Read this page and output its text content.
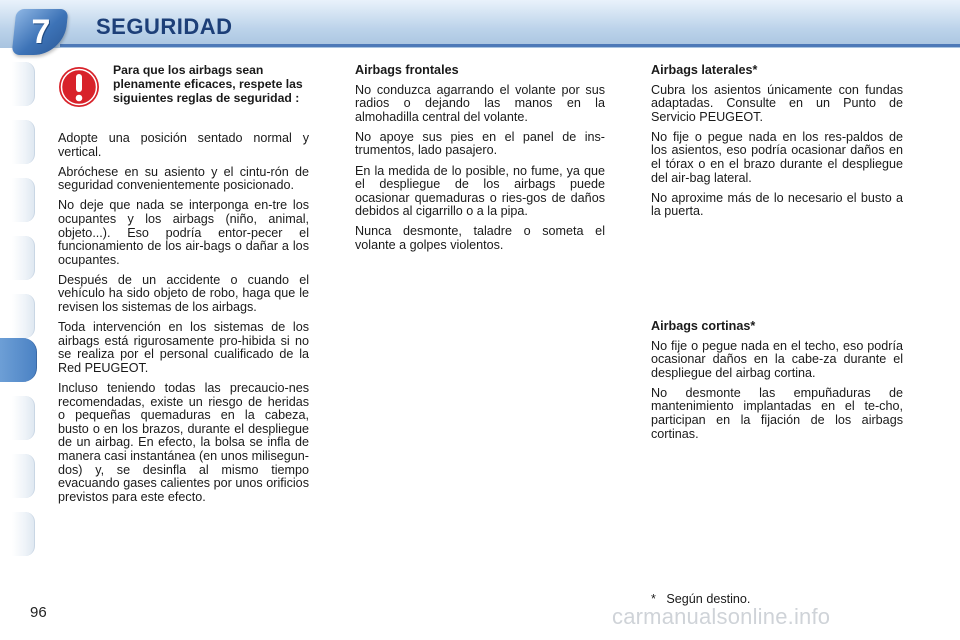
7	SEGURIDAD
Para que los airbags sean plenamente eficaces, respete las siguientes reglas de seguridad :

Adopte una posición sentado normal y vertical.

Abróchese en su asiento y el cintu-rón de seguridad convenientemente posicionado.

No deje que nada se interponga en-tre los ocupantes y los airbags (niño, animal, objeto...). Eso podría entor-pecer el funcionamiento de los air-bags o dañar a los ocupantes.

Después de un accidente o cuando el vehículo ha sido objeto de robo, haga que le revisen los sistemas de los airbags.

Toda intervención en los sistemas de los airbags está rigurosamente pro-hibida si no se realiza por el personal cualificado de la Red PEUGEOT.

Incluso teniendo todas las precaucio-nes recomendadas, existe un riesgo de heridas o pequeñas quemaduras en la cabeza, busto o en los brazos, durante el despliegue de un airbag. En efecto, la bolsa se infla de manera casi instantánea (en unos milisegun-dos) y, se desinfla al mismo tiempo evacuando gases calientes por unos orificios previstos para este efecto.

Airbags frontales

No conduzca agarrando el volante por sus radios o dejando las manos en la almohadilla central del volante.

No apoye sus pies en el panel de ins-trumentos, lado pasajero.

En la medida de lo posible, no fume, ya que el despliegue de los airbags puede ocasionar quemaduras o ries-gos de daños debidos al cigarrillo o a la pipa.

Nunca desmonte, taladre o someta el volante a golpes violentos.

Airbags laterales*

Cubra los asientos únicamente con fundas adaptadas. Consulte en un Punto de Servicio PEUGEOT.

No fije o pegue nada en los res-paldos de los asientos, eso podría ocasionar daños en el tórax o en el brazo durante el despliegue del air-bag lateral.

No aproxime más de lo necesario el busto a la puerta.

Airbags cortinas*

No fije o pegue nada en el techo, eso podría ocasionar daños en la cabe-za durante el despliegue del airbag cortina.

No desmonte las empuñaduras de mantenimiento implantadas en el te-cho, participan en la fijación de los airbags cortinas.

*   Según destino.
carmanualsonline.info
96
